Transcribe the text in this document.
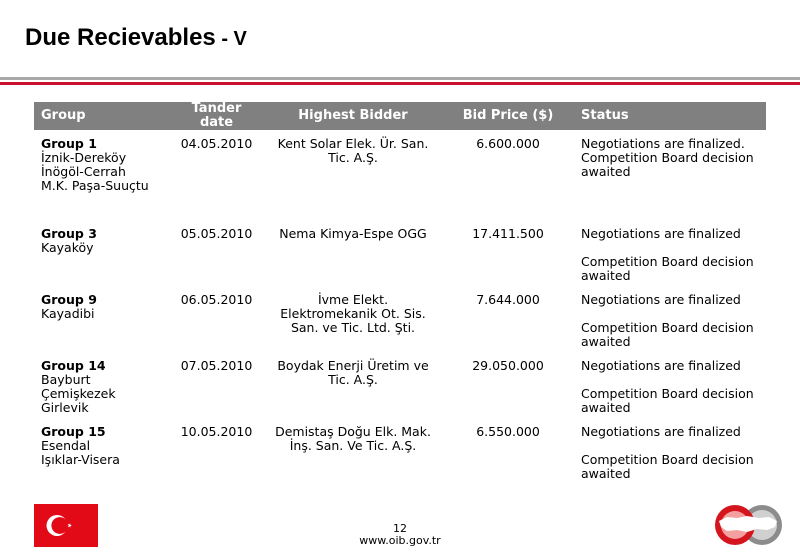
Due Recievables - V
Group	Tander date	Highest Bidder	Bid Price ($)	Status

Group 1
İznik-Dereköy
İnögöl-Cerrah
M.K. Paşa-Suuçtu	04.05.2010	Kent Solar Elek. Ür. San. Tic. A.Ş.	6.600.000	Negotiations are finalized. Competition Board decision awaited

Group 3
Kayaköy	05.05.2010	Nema Kimya-Espe OGG	17.411.500	Negotiations are finalized
Competition Board decision awaited

Group 9
Kayadibi	06.05.2010	İvme Elekt. Elektromekanik Ot. Sis. San. ve Tic. Ltd. Şti.	7.644.000	Negotiations are finalized
Competition Board decision awaited

Group 14
Bayburt
Çemişkezek
Girlevik	07.05.2010	Boydak Enerji Üretim ve Tic. A.Ş.	29.050.000	Negotiations are finalized
Competition Board decision awaited

Group 15
Esendal
Işıklar-Visera	10.05.2010	Demistaş Doğu Elk. Mak. İnş. San. Ve Tic. A.Ş.	6.550.000	Negotiations are finalized
Competition Board decision awaited
12
www.oib.gov.tr
